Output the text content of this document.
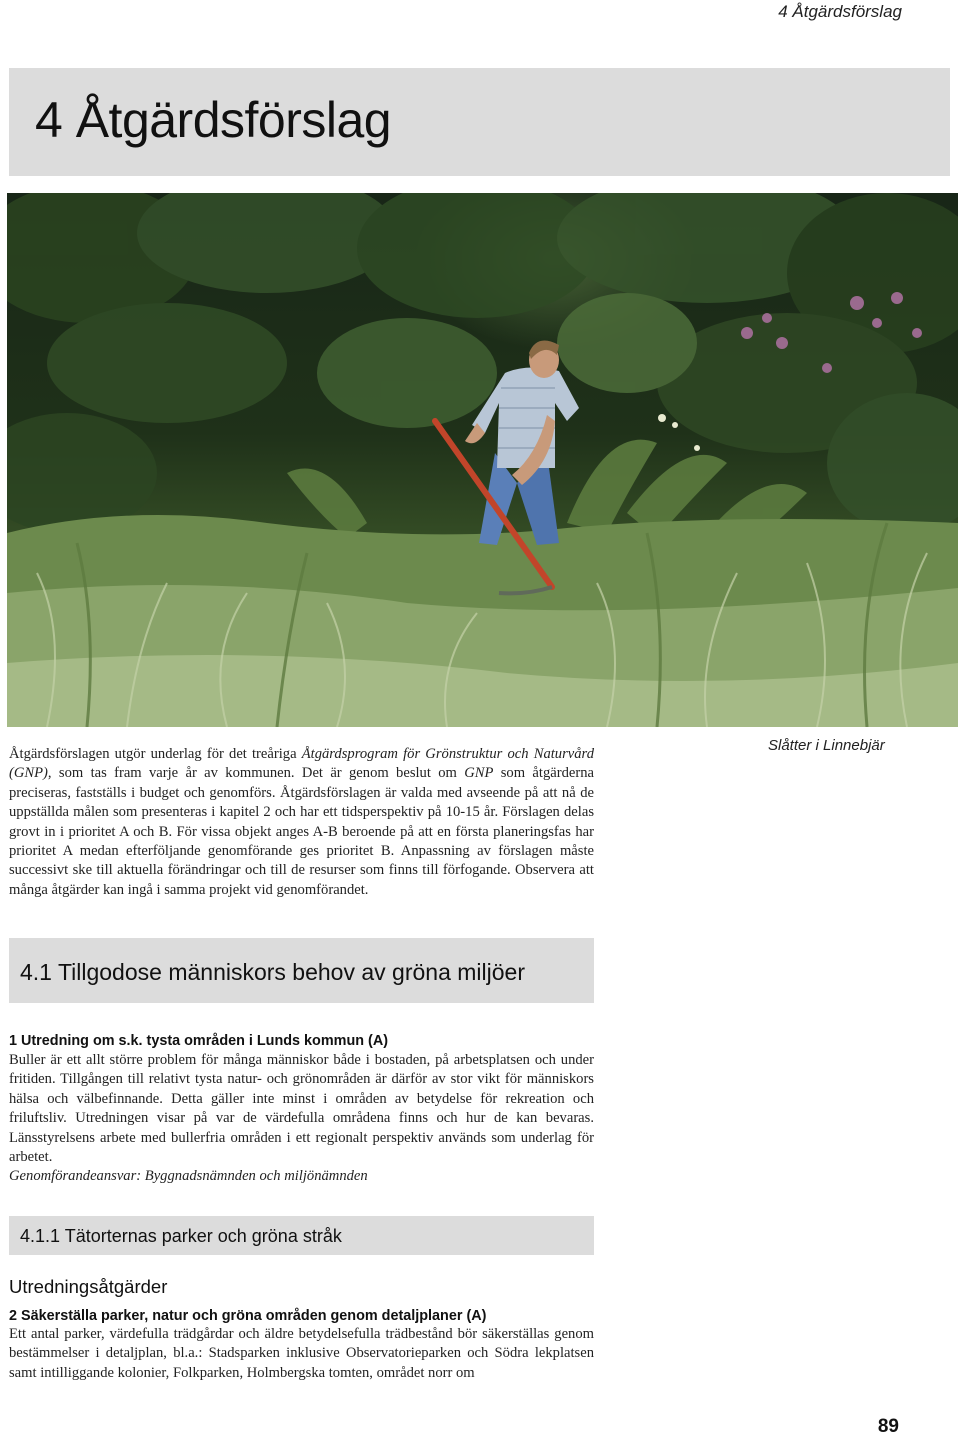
4 Åtgärdsförslag
4 Åtgärdsförslag
Slåtter i Linnebjär

Åtgärdsförslagen utgör underlag för det treåriga Åtgärdsprogram för Grönstruktur och Naturvård (GNP), som tas fram varje år av kommunen. Det är genom beslut om GNP som åtgärderna preciseras, fastställs i budget och genomförs. Åtgärdsförslagen är valda med avseende på att nå de uppställda målen som presenteras i kapitel 2 och har ett tidsperspektiv på 10-15 år. Förslagen delas grovt in i prioritet A och B. För vissa objekt anges A-B beroende på att en första planeringsfas har prioritet A medan efterföljande genomförande ges prioritet B. Anpassning av förslagen måste successivt ske till aktuella förändringar och till de resurser som finns till förfogande. Observera att många åtgärder kan ingå i samma projekt vid genomförandet.

4.1 Tillgodose människors behov av gröna miljöer
1 Utredning om s.k. tysta områden i Lunds kommun (A)

Buller är ett allt större problem för många människor både i bostaden, på arbetsplatsen och under fritiden. Tillgången till relativt tysta natur- och grönområden är därför av stor vikt för människors hälsa och välbefinnande. Detta gäller inte minst i områden av betydelse för rekreation och friluftsliv. Utredningen visar på var de värdefulla områdena finns och hur de kan bevaras. Länsstyrelsens arbete med bullerfria områden i ett regionalt perspektiv används som underlag för arbetet.
Genomförandeansvar: Byggnadsnämnden och miljönämnden

4.1.1 Tätorternas parker och gröna stråk
Utredningsåtgärder
2 Säkerställa parker, natur och gröna områden genom detaljplaner (A)

Ett antal parker, värdefulla trädgårdar och äldre betydelsefulla trädbestånd bör säkerställas genom bestämmelser i detaljplan, bl.a.: Stadsparken inklusive Observatorieparken och Södra lekplatsen samt intilliggande kolonier, Folkparken, Holmbergska tomten, området norr om

89
